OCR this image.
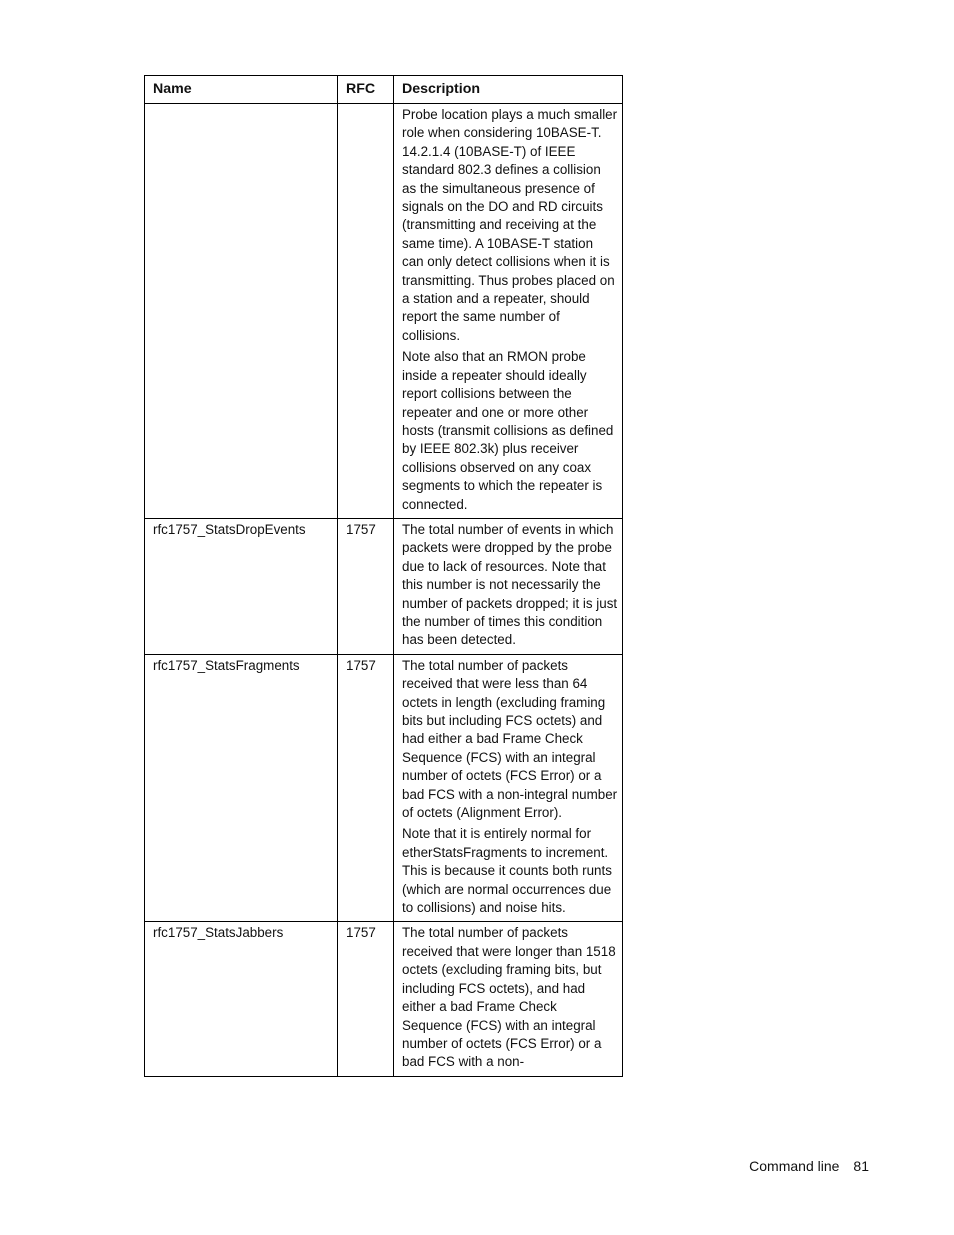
Name	RFC	Description

		Probe location plays a much smaller role when considering 10BASE-T. 14.2.1.4 (10BASE-T) of IEEE standard 802.3 defines a collision as the simultaneous presence of signals on the DO and RD circuits (transmitting and receiving at the same time). A 10BASE-T station can only detect collisions when it is transmitting. Thus probes placed on a station and a repeater, should report the same number of collisions.

Note also that an RMON probe inside a repeater should ideally report collisions between the repeater and one or more other hosts (transmit collisions as defined by IEEE 802.3k) plus receiver collisions observed on any coax segments to which the repeater is connected.

rfc1757_StatsDropEvents	1757	The total number of events in which packets were dropped by the probe due to lack of resources. Note that this number is not necessarily the number of packets dropped; it is just the number of times this condition has been detected.

rfc1757_StatsFragments	1757	The total number of packets received that were less than 64 octets in length (excluding framing bits but including FCS octets) and had either a bad Frame Check Sequence (FCS) with an integral number of octets (FCS Error) or a bad FCS with a non-integral number of octets (Alignment Error).

Note that it is entirely normal for etherStatsFragments to increment. This is because it counts both runts (which are normal occurrences due to collisions) and noise hits.

rfc1757_StatsJabbers	1757	The total number of packets received that were longer than 1518 octets (excluding framing bits, but including FCS octets), and had either a bad Frame Check Sequence (FCS) with an integral number of octets (FCS Error) or a bad FCS with a non-

Command line 81
